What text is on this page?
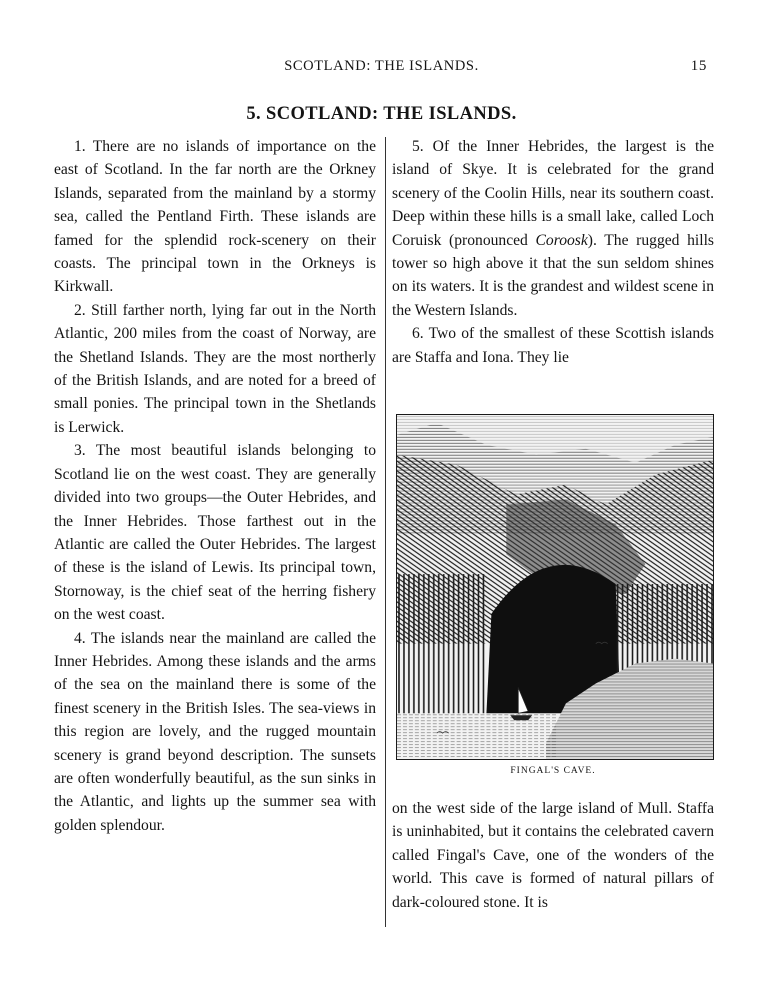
SCOTLAND: THE ISLANDS.	15
5. SCOTLAND: THE ISLANDS.

1. There are no islands of importance on the east of Scotland. In the far north are the Orkney Islands, separated from the mainland by a stormy sea, called the Pentland Firth. These islands are famed for the splendid rock-scenery on their coasts. The principal town in the Orkneys is Kirkwall.

2. Still farther north, lying far out in the North Atlantic, 200 miles from the coast of Norway, are the Shetland Islands. They are the most northerly of the British Islands, and are noted for a breed of small ponies. The principal town in the Shetlands is Lerwick.

3. The most beautiful islands belonging to Scotland lie on the west coast. They are generally divided into two groups—the Outer Hebrides, and the Inner Hebrides. Those farthest out in the Atlantic are called the Outer Hebrides. The largest of these is the island of Lewis. Its principal town, Stornoway, is the chief seat of the herring fishery on the west coast.

4. The islands near the mainland are called the Inner Hebrides. Among these islands and the arms of the sea on the mainland there is some of the finest scenery in the British Isles. The sea-views in this region are lovely, and the rugged mountain scenery is grand beyond description. The sunsets are often wonderfully beautiful, as the sun sinks in the Atlantic, and lights up the summer sea with golden splendour.

5. Of the Inner Hebrides, the largest is the island of Skye. It is celebrated for the grand scenery of the Coolin Hills, near its southern coast. Deep within these hills is a small lake, called Loch Coruisk (pronounced Coroosk). The rugged hills tower so high above it that the sun seldom shines on its waters. It is the grandest and wildest scene in the Western Islands.

6. Two of the smallest of these Scottish islands are Staffa and Iona. They lie

FINGAL'S CAVE.

on the west side of the large island of Mull. Staffa is uninhabited, but it contains the celebrated cavern called Fingal's Cave, one of the wonders of the world. This cave is formed of natural pillars of dark-coloured stone. It is
